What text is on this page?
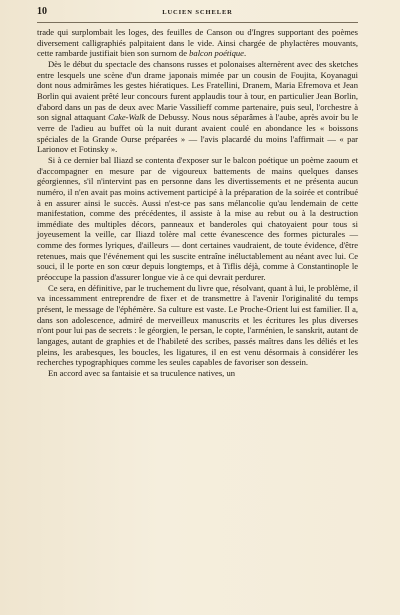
10	LUCIEN SCHELER

trade qui surplombait les loges, des feuilles de Canson ou d'Ingres supportant des poèmes diversement calligraphiés palpitaient dans le vide. Ainsi chargée de phylactères mouvants, cette rambarde justifiait bien son surnom de balcon poétique.

Dès le début du spectacle des chansons russes et polonaises alternèrent avec des sketches entre lesquels une scène d'un drame japonais mimée par un cousin de Foujita, Koyanagui dont nous admirâmes les gestes hiératiques. Les Fratellini, Dranem, Maria Efremova et Jean Borlin qui avaient prêté leur concours furent applaudis tour à tour, en particulier Jean Borlin, d'abord dans un pas de deux avec Marie Vassilieff comme partenaire, puis seul, l'orchestre à son signal attaquant Cake-Walk de Debussy. Nous nous séparâmes à l'aube, après avoir bu le verre de l'adieu au buffet où la nuit durant avaient coulé en abondance les « boissons spéciales de la Grande Ourse préparées » — l'avis placardé du moins l'affirmait — « par Larionov et Fotinsky ».

Si à ce dernier bal Iliazd se contenta d'exposer sur le balcon poétique un poème zaoum et d'accompagner en mesure par de vigoureux battements de mains quelques danses géorgiennes, s'il n'intervint pas en personne dans les divertissements et ne présenta aucun numéro, il n'en avait pas moins activement participé à la préparation de la soirée et contribué à en assurer ainsi le succès. Aussi n'est-ce pas sans mélancolie qu'au lendemain de cette manifestation, comme des précédentes, il assiste à la mise au rebut ou à la destruction immédiate des multiples décors, panneaux et banderoles qui chatoyaient pour tous si joyeusement la veille, car Iliazd tolère mal cette évanescence des formes picturales — comme des formes lyriques, d'ailleurs — dont certaines vaudraient, de toute évidence, d'être retenues, mais que l'événement qui les suscite entraîne inéluctablement au néant avec lui. Ce souci, il le porte en son cœur depuis longtemps, et à Tiflis déjà, comme à Constantinople le préoccupe la passion d'assurer longue vie à ce qui devrait perdurer.

Ce sera, en définitive, par le truchement du livre que, résolvant, quant à lui, le problème, il va incessamment entreprendre de fixer et de transmettre à l'avenir l'originalité du temps présent, le message de l'éphémère. Sa culture est vaste. Le Proche-Orient lui est familier. Il a, dans son adolescence, admiré de merveilleux manuscrits et les écritures les plus diverses n'ont pour lui pas de secrets : le géorgien, le persan, le copte, l'arménien, le sanskrit, autant de langages, autant de graphies et de l'habileté des scribes, passés maîtres dans les déliés et les pleins, les arabesques, les boucles, les ligatures, il en est venu désormais à considérer les recherches typographiques comme les seules capables de favoriser son dessein.

En accord avec sa fantaisie et sa truculence natives, un
